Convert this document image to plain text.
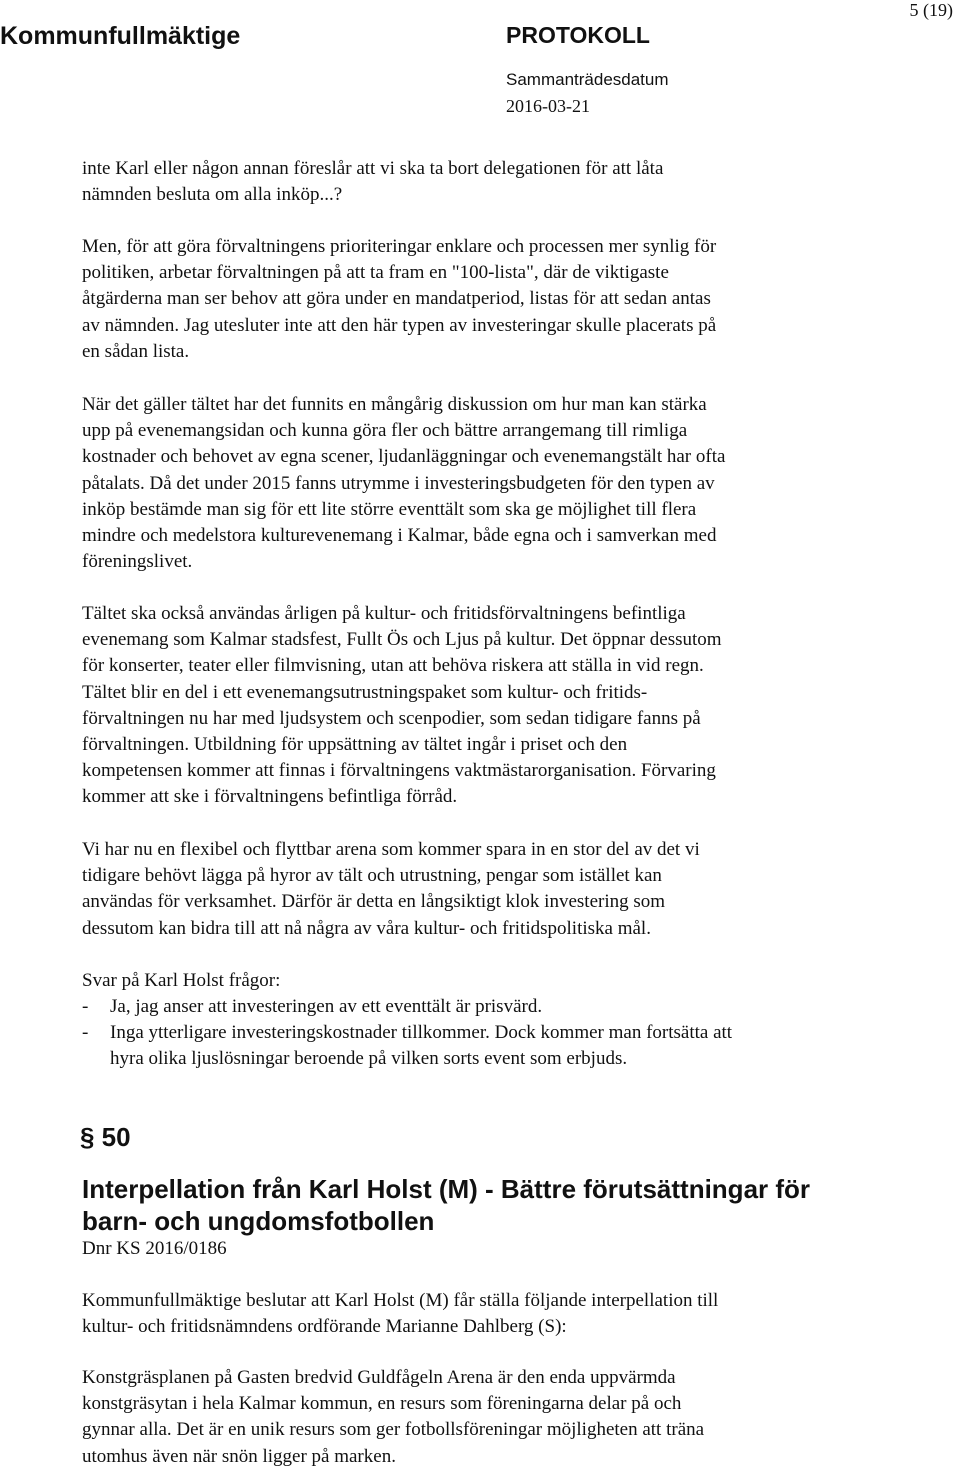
Kommunfullmäktige	PROTOKOLL
Sammanträdesdatum
2016-03-21
5 (19)

inte Karl eller någon annan föreslår att vi ska ta bort delegationen för att låta
nämnden besluta om alla inköp...?

Men, för att göra förvaltningens prioriteringar enklare och processen mer synlig för
politiken, arbetar förvaltningen på att ta fram en "100-lista", där de viktigaste
åtgärderna man ser behov att göra under en mandatperiod, listas för att sedan antas
av nämnden. Jag utesluter inte att den här typen av investeringar skulle placerats på
en sådan lista.

När det gäller tältet har det funnits en mångårig diskussion om hur man kan stärka
upp på evenemangsidan och kunna göra fler och bättre arrangemang till rimliga
kostnader och behovet av egna scener, ljudanläggningar och evenemangstält har ofta
påtalats. Då det under 2015 fanns utrymme i investeringsbudgeten för den typen av
inköp bestämde man sig för ett lite större eventtält som ska ge möjlighet till flera
mindre och medelstora kulturevenemang i Kalmar, både egna och i samverkan med
föreningslivet.

Tältet ska också användas årligen på kultur- och fritidsförvaltningens befintliga
evenemang som Kalmar stadsfest, Fullt Ös och Ljus på kultur. Det öppnar dessutom
för konserter, teater eller filmvisning, utan att behöva riskera att ställa in vid regn.
Tältet blir en del i ett evenemangsutrustningspaket som kultur- och fritids-
förvaltningen nu har med ljudsystem och scenpodier, som sedan tidigare fanns på
förvaltningen. Utbildning för uppsättning av tältet ingår i priset och den
kompetensen kommer att finnas i förvaltningens vaktmästarorganisation. Förvaring
kommer att ske i förvaltningens befintliga förråd.

Vi har nu en flexibel och flyttbar arena som kommer spara in en stor del av det vi
tidigare behövt lägga på hyror av tält och utrustning, pengar som istället kan
användas för verksamhet. Därför är detta en långsiktigt klok investering som
dessutom kan bidra till att nå några av våra kultur- och fritidspolitiska mål.

Svar på Karl Holst frågor:

- Ja, jag anser att investeringen av ett eventtält är prisvärd.
- Inga ytterligare investeringskostnader tillkommer. Dock kommer man fortsätta att
hyra olika ljuslösningar beroende på vilken sorts event som erbjuds.
§ 50
Interpellation från Karl Holst (M) - Bättre förutsättningar för
barn- och ungdomsfotbollen

Dnr KS 2016/0186

Kommunfullmäktige beslutar att Karl Holst (M) får ställa följande interpellation till
kultur- och fritidsnämndens ordförande Marianne Dahlberg (S):

Konstgräsplanen på Gasten bredvid Guldfågeln Arena är den enda uppvärmda
konstgräsytan i hela Kalmar kommun, en resurs som föreningarna delar på och
gynnar alla. Det är en unik resurs som ger fotbollsföreningar möjligheten att träna
utomhus även när snön ligger på marken.
